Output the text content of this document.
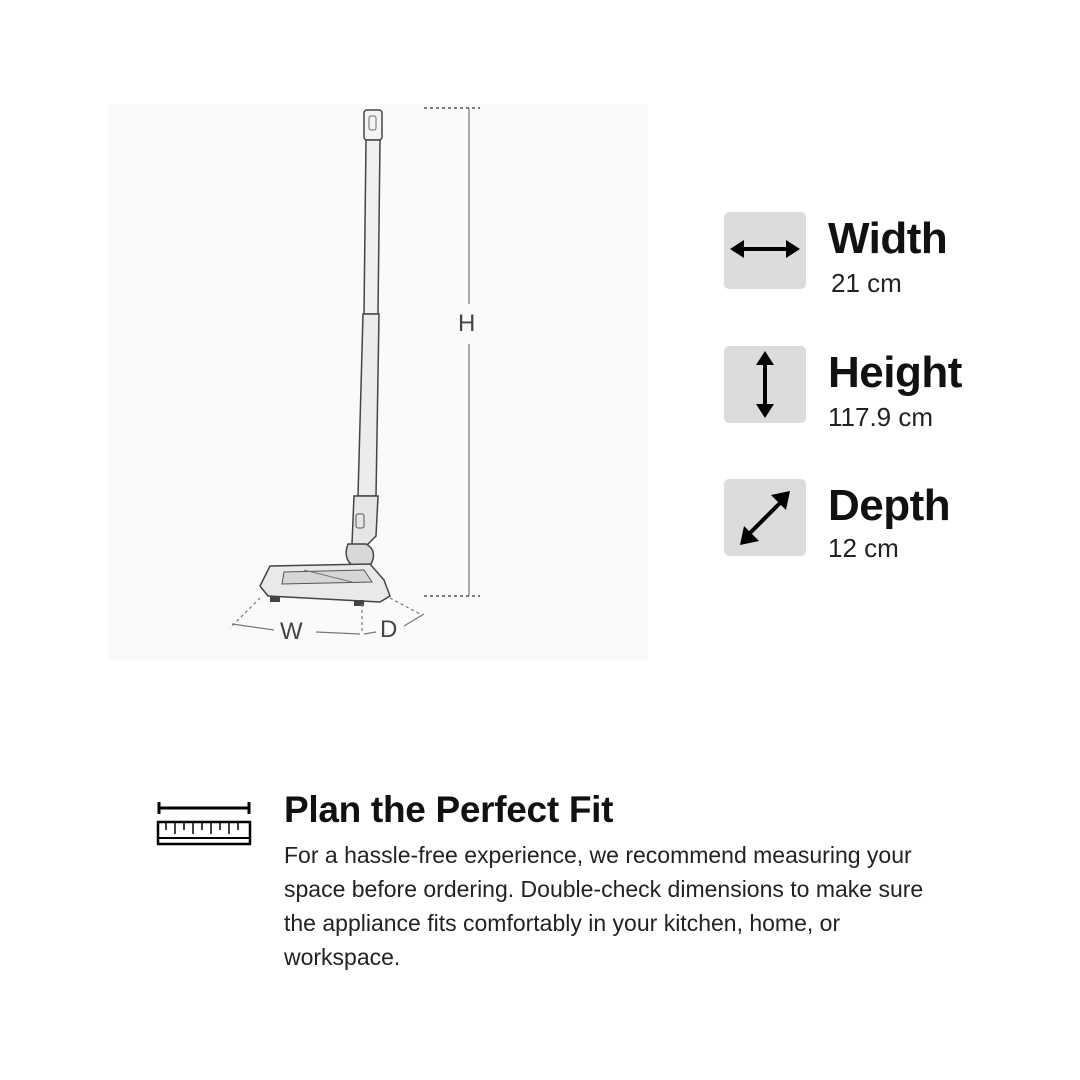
H
W	D
Width
21 cm
Height
117.9 cm
Depth
12 cm
Plan the Perfect Fit
For a hassle-free experience, we recommend measuring your space before ordering. Double-check dimensions to make sure the appliance fits comfortably in your kitchen, home, or workspace.
